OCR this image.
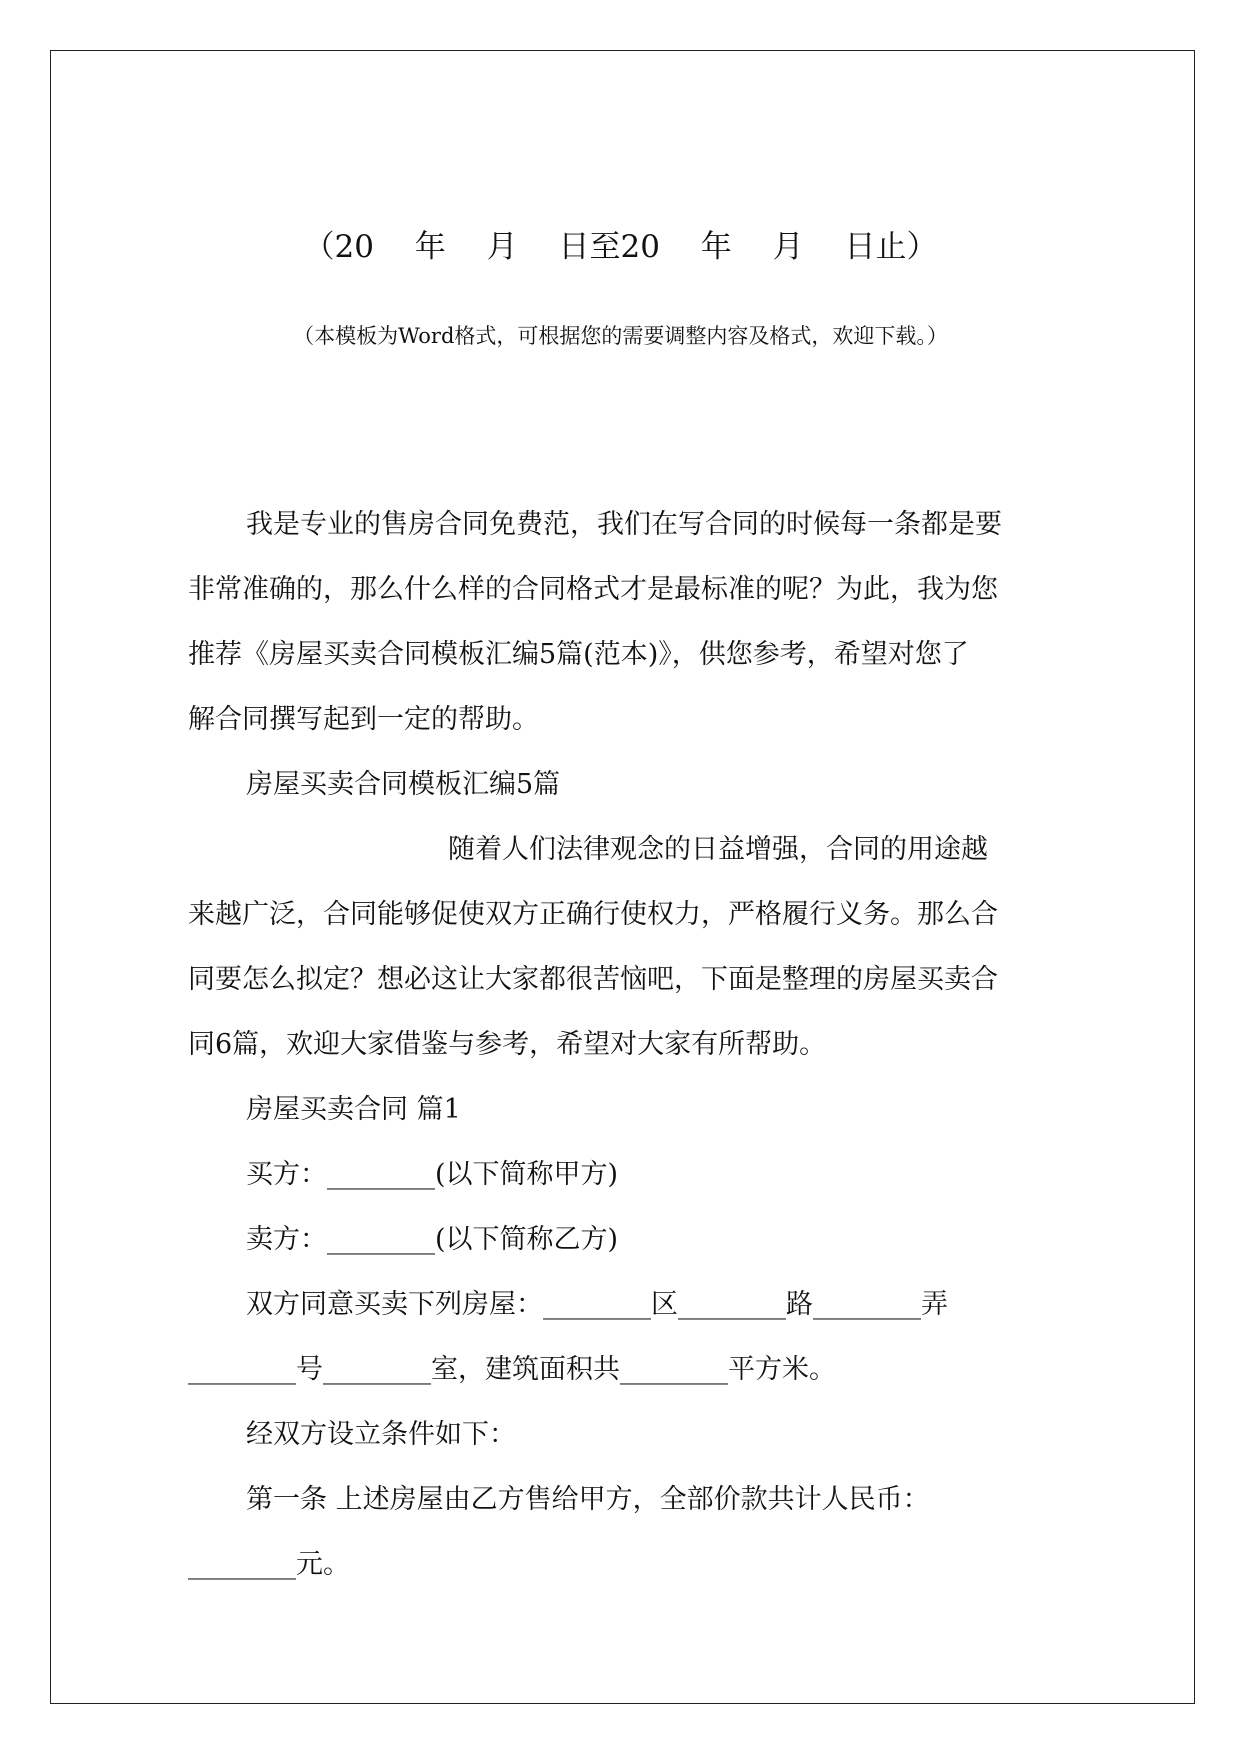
（20  年  月  日至20  年  月  日止）
（本模板为Word格式，可根据您的需要调整内容及格式，欢迎下载。）

我是专业的售房合同免费范，我们在写合同的时候每一条都是要

非常准确的，那么什么样的合同格式才是最标准的呢？为此，我为您
推荐《房屋买卖合同模板汇编5篇(范本)》，供您参考，希望对您了
解合同撰写起到一定的帮助。

房屋买卖合同模板汇编5篇

随着人们法律观念的日益增强，合同的用途越

来越广泛，合同能够促使双方正确行使权力，严格履行义务。那么合
同要怎么拟定？想必这让大家都很苦恼吧，下面是整理的房屋买卖合
同6篇，欢迎大家借鉴与参考，希望对大家有所帮助。

房屋买卖合同 篇1

买方：________(以下简称甲方)

卖方：________(以下简称乙方)

双方同意买卖下列房屋：________区________路________弄

________号________室，建筑面积共________平方米。

经双方设立条件如下：

第一条 上述房屋由乙方售给甲方，全部价款共计人民币：

________元。
